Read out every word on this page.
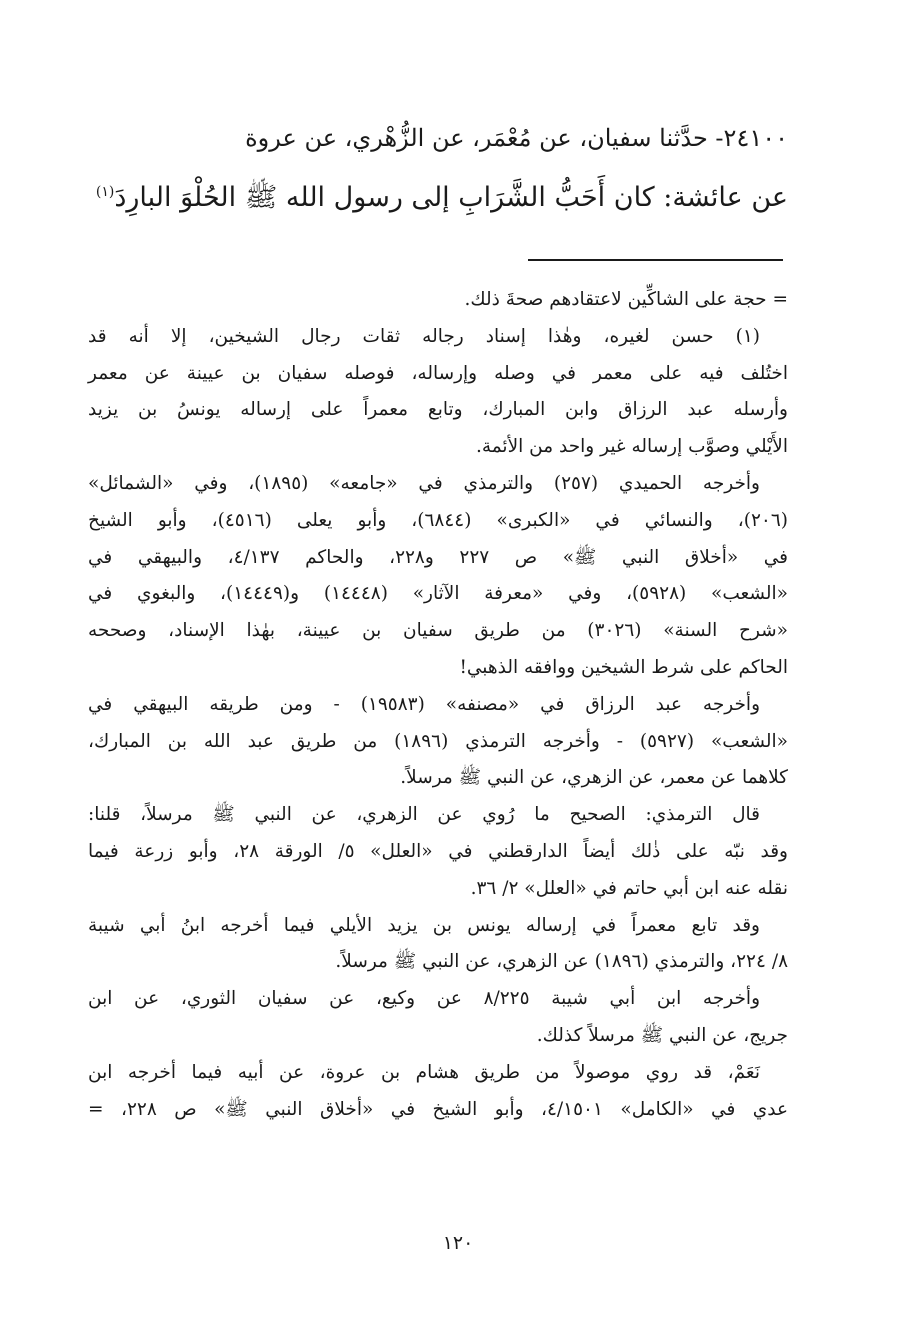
٢٤١٠٠- حدَّثنا سفيان، عن مُعْمَر، عن الزُّهْري، عن عروة
عن عائشة: كان أَحَبُّ الشَّرَابِ إلى رسول الله ﷺ الحُلْوَ البارِدَ$^{(١)}$
= حجة على الشاكِّين لاعتقادهم صحةَ ذلك.
(١) حسن لغيره، وهٰذا إسناد رجاله ثقات رجال الشيخين، إلا أنه قد
اختُلف فيه على معمر في وصله وإرساله، فوصله سفيان بن عيينة عن معمر
وأرسله عبد الرزاق وابن المبارك، وتابع معمراً على إرساله يونسُ بن يزيد
الأَيْلي وصوَّب إرساله غير واحد من الأئمة.
وأخرجه الحميدي (٢٥٧) والترمذي في «جامعه» (١٨٩٥)، وفي «الشمائل»
(٢٠٦)، والنسائي في «الكبرى» (٦٨٤٤)، وأبو يعلى (٤٥١٦)، وأبو الشيخ
في «أخلاق النبي ﷺ» ص ٢٢٧ و٢٢٨، والحاكم ٤/١٣٧، والبيهقي في
«الشعب» (٥٩٢٨)، وفي «معرفة الآثار» (١٤٤٤٨) و(١٤٤٤٩)، والبغوي في
«شرح السنة» (٣٠٢٦) من طريق سفيان بن عيينة، بهٰذا الإسناد، وصححه
الحاكم على شرط الشيخين ووافقه الذهبي!
وأخرجه عبد الرزاق في «مصنفه» (١٩٥٨٣) - ومن طريقه البيهقي في
«الشعب» (٥٩٢٧) - وأخرجه الترمذي (١٨٩٦) من طريق عبد الله بن المبارك،
كلاهما عن معمر، عن الزهري، عن النبي ﷺ مرسلاً.
قال الترمذي: الصحيح ما رُوي عن الزهري، عن النبي ﷺ مرسلاً، قلنا:
وقد نبّه على ذٰلك أيضاً الدارقطني في «العلل» ٥/ الورقة ٢٨، وأبو زرعة فيما
نقله عنه ابن أبي حاتم في «العلل» ٢/ ٣٦.
وقد تابع معمراً في إرساله يونس بن يزيد الأيلي فيما أخرجه ابنُ أبي شيبة
٨/ ٢٢٤، والترمذي (١٨٩٦) عن الزهري، عن النبي ﷺ مرسلاً.
وأخرجه ابن أبي شيبة ٨/٢٢٥ عن وكيع، عن سفيان الثوري، عن ابن
جريج، عن النبي ﷺ مرسلاً كذلك.
نَعَمْ، قد روي موصولاً من طريق هشام بن عروة، عن أبيه فيما أخرجه ابن
عدي في «الكامل» ٤/١٥٠١، وأبو الشيخ في «أخلاق النبي ﷺ» ص ٢٢٨، =
١٢٠
